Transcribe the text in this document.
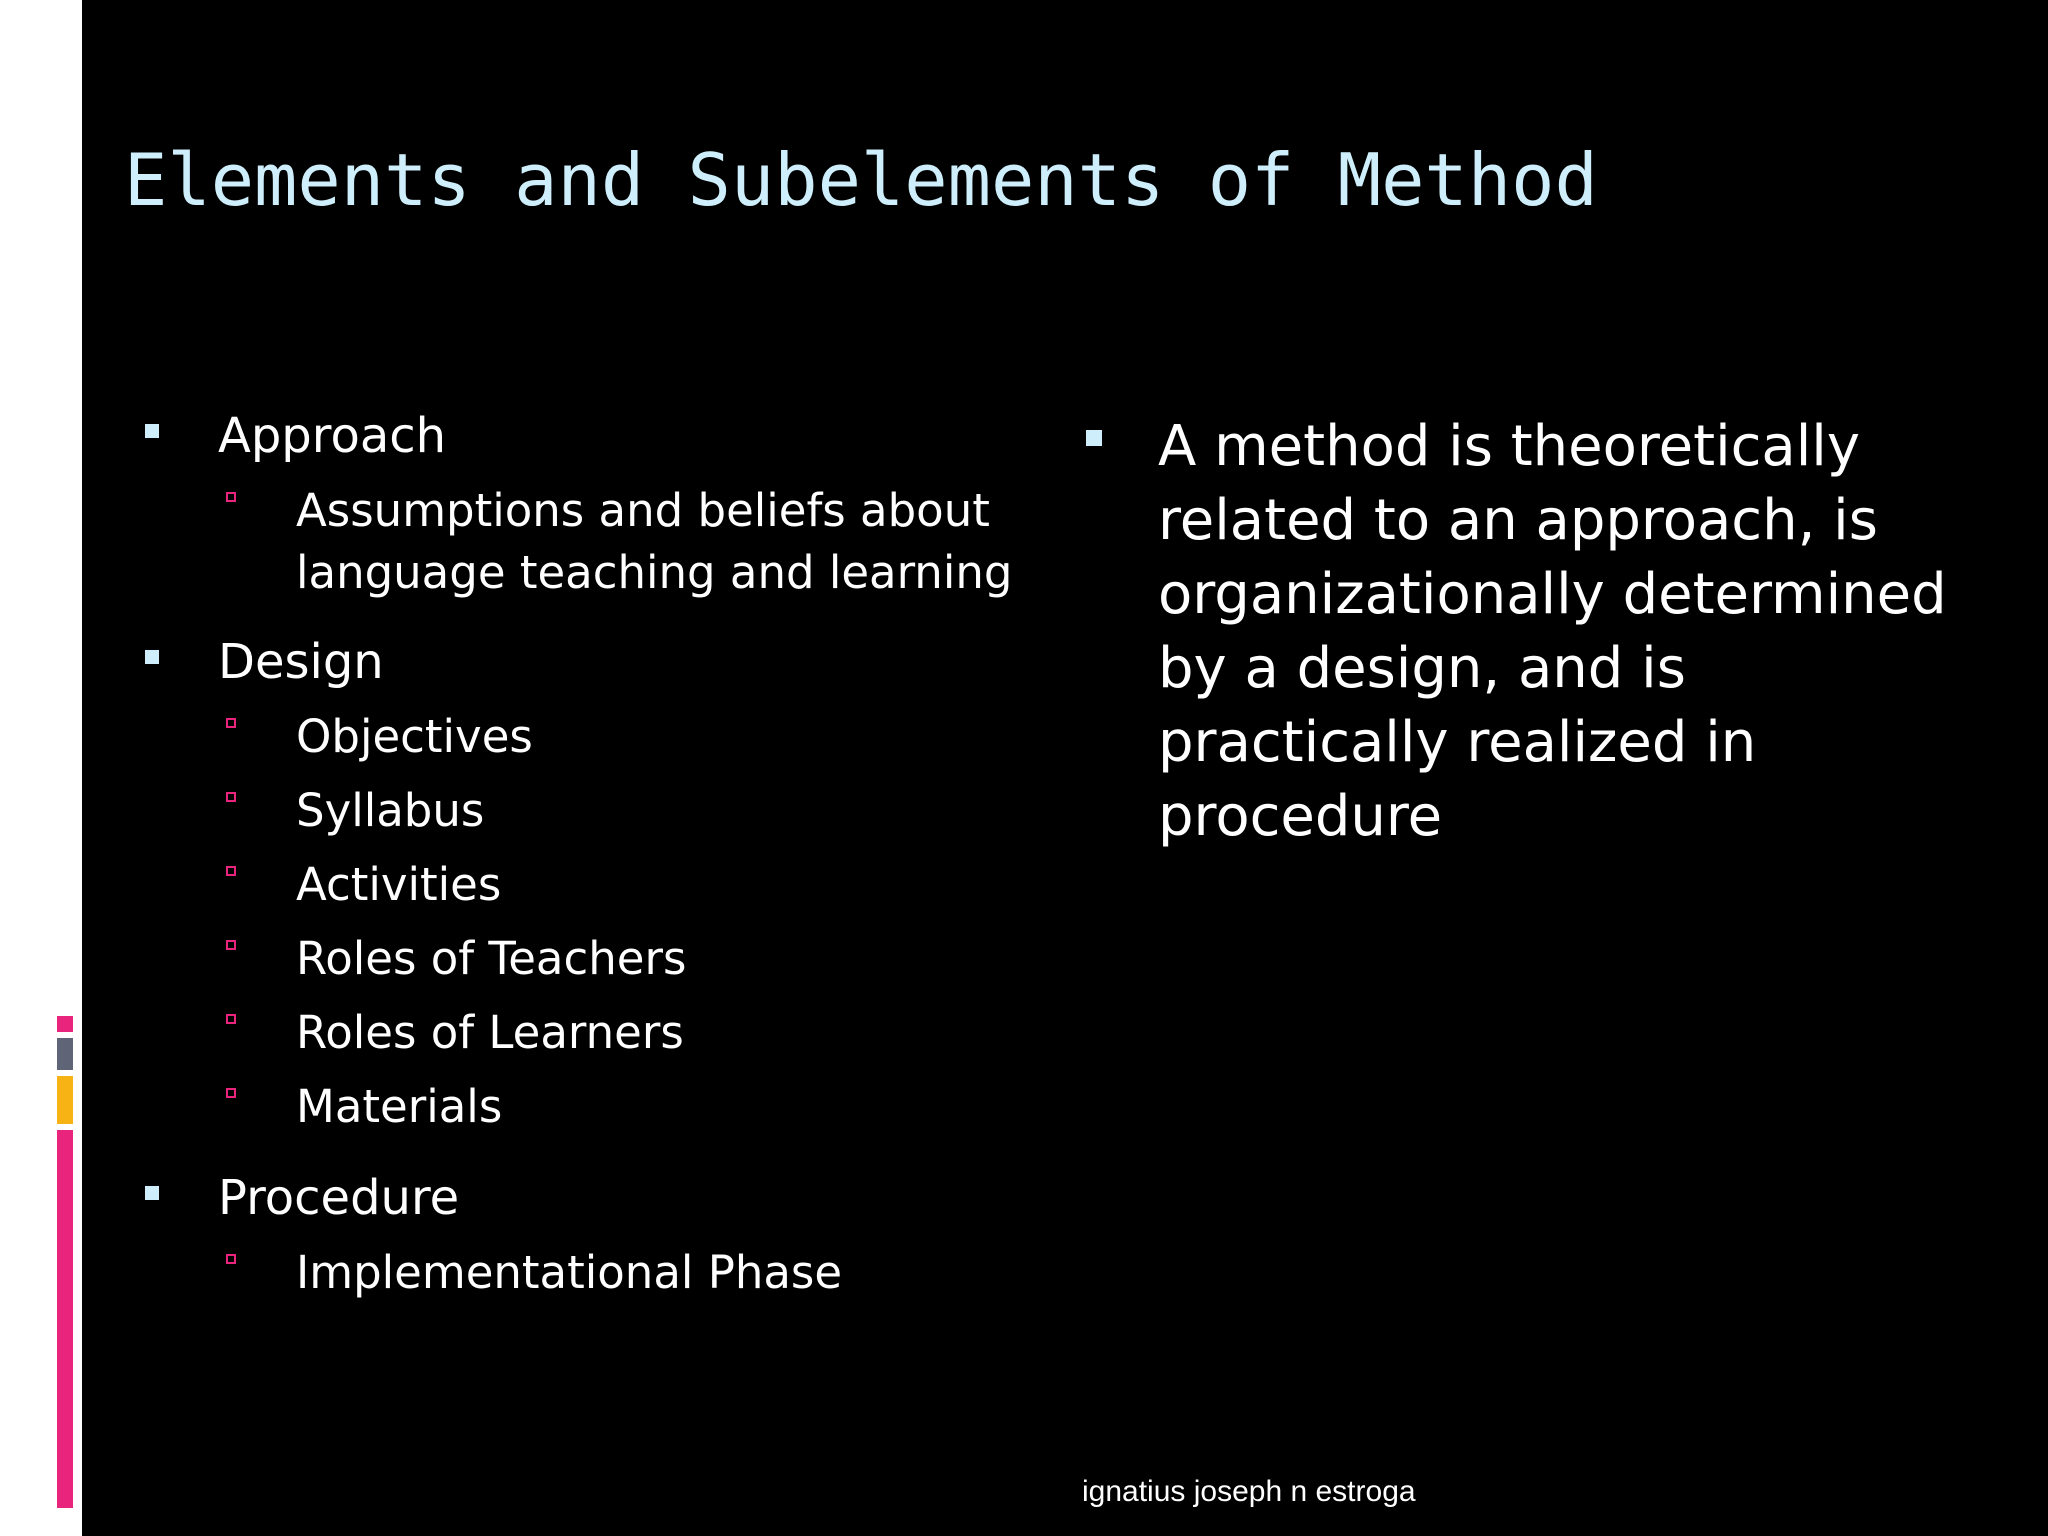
Elements and Subelements of Method
Approach
Assumptions and beliefs about language teaching and learning
Design
Objectives
Syllabus
Activities
Roles of Teachers
Roles of Learners
Materials
Procedure
Implementational Phase
A method is theoretically related to an approach, is organizationally determined by a design, and is practically realized in procedure
ignatius joseph n estroga
